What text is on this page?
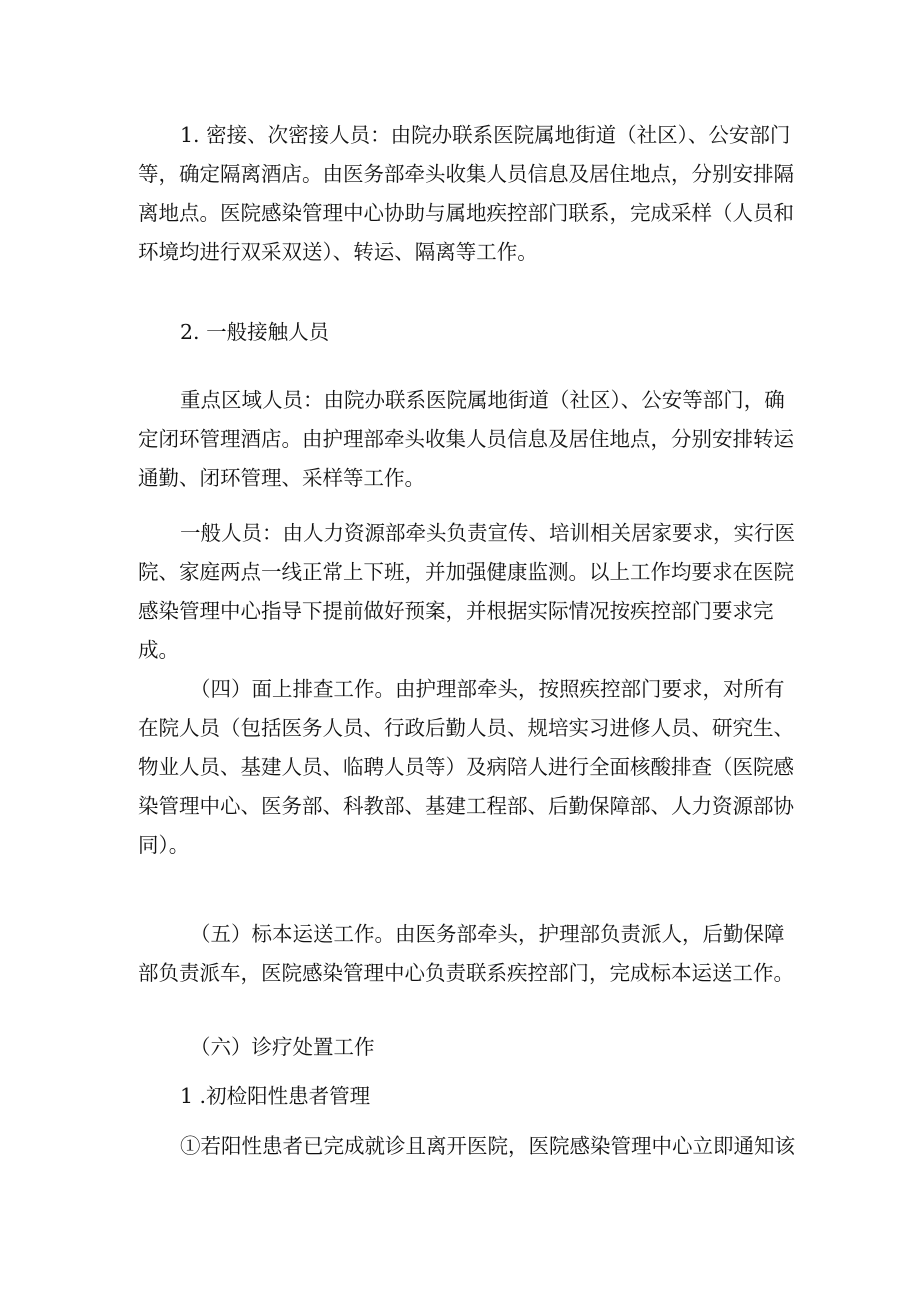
1. 密接、次密接人员：由院办联系医院属地街道（社区）、公安部门等，确定隔离酒店。由医务部牵头收集人员信息及居住地点，分别安排隔离地点。医院感染管理中心协助与属地疾控部门联系，完成采样（人员和环境均进行双采双送）、转运、隔离等工作。

2. 一般接触人员

重点区域人员：由院办联系医院属地街道（社区）、公安等部门，确定闭环管理酒店。由护理部牵头收集人员信息及居住地点，分别安排转运通勤、闭环管理、采样等工作。

一般人员：由人力资源部牵头负责宣传、培训相关居家要求，实行医院、家庭两点一线正常上下班，并加强健康监测。以上工作均要求在医院感染管理中心指导下提前做好预案，并根据实际情况按疾控部门要求完成。

（四）面上排查工作。由护理部牵头，按照疾控部门要求，对所有在院人员（包括医务人员、行政后勤人员、规培实习进修人员、研究生、物业人员、基建人员、临聘人员等）及病陪人进行全面核酸排查（医院感染管理中心、医务部、科教部、基建工程部、后勤保障部、人力资源部协同）。

（五）标本运送工作。由医务部牵头，护理部负责派人，后勤保障部负责派车，医院感染管理中心负责联系疾控部门，完成标本运送工作。

（六）诊疗处置工作

1 .初检阳性患者管理

①若阳性患者已完成就诊且离开医院，医院感染管理中心立即通知该
